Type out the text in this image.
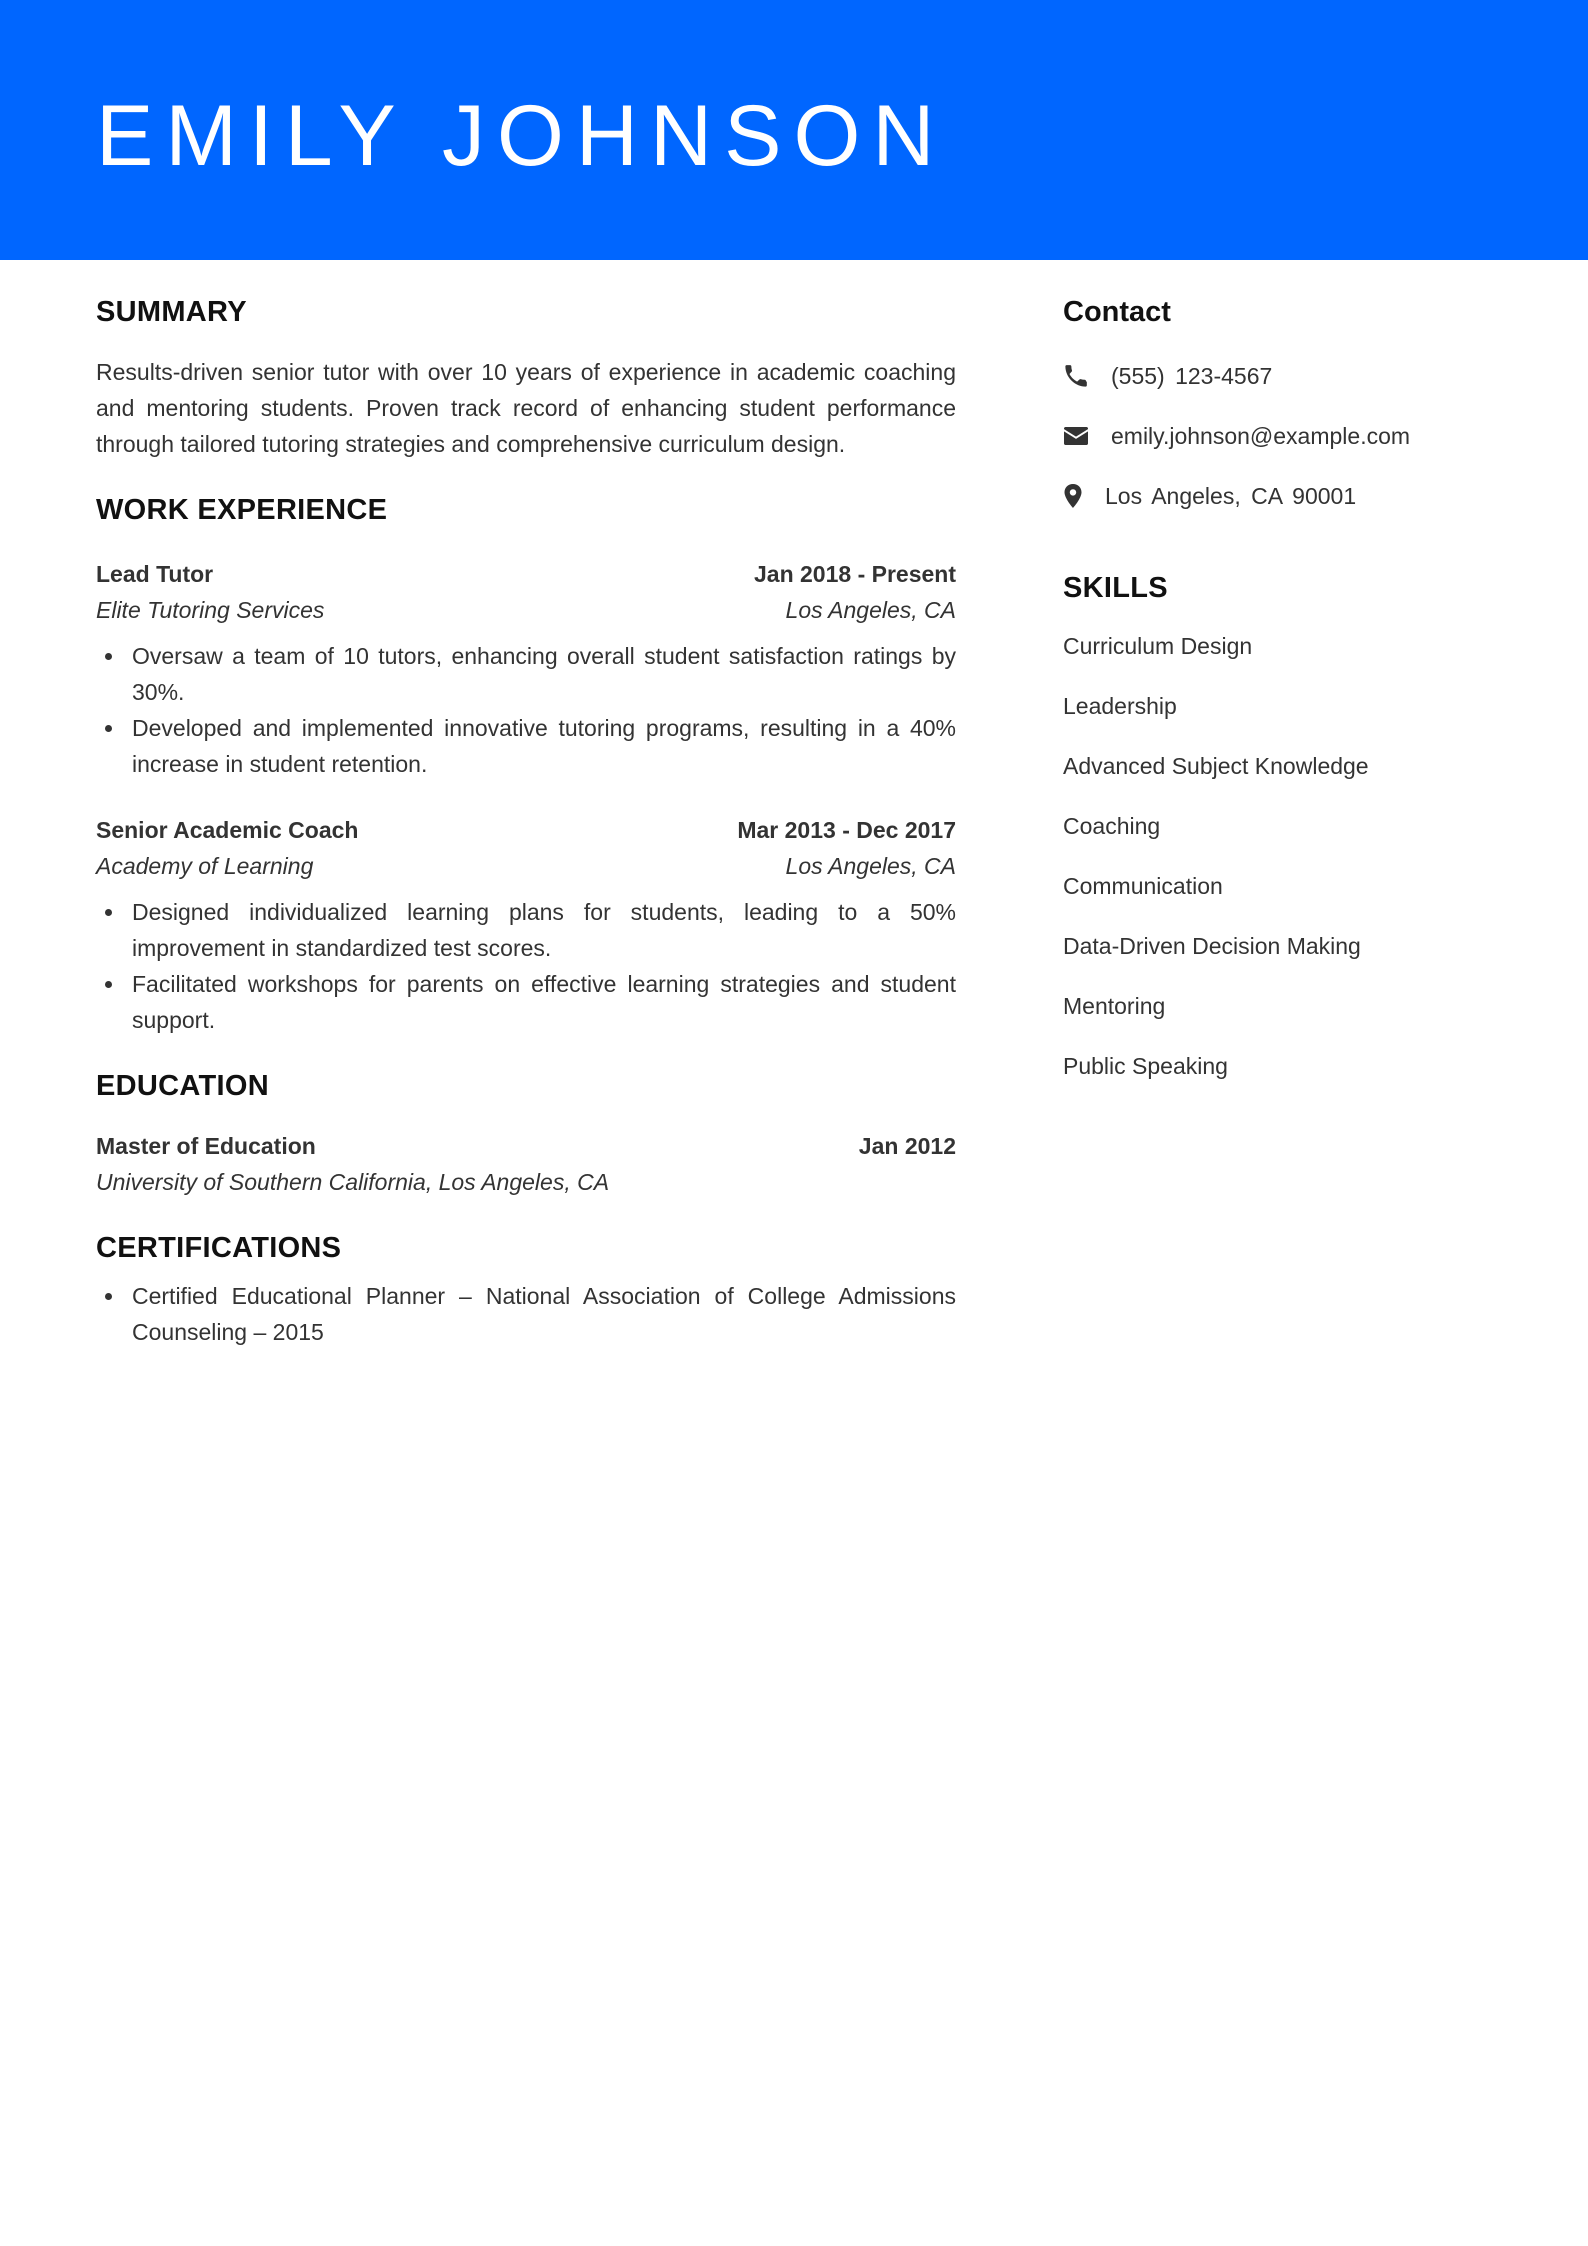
EMILY JOHNSON
SUMMARY

Results-driven senior tutor with over 10 years of experience in academic coaching and mentoring students. Proven track record of enhancing student performance through tailored tutoring strategies and comprehensive curriculum design.

WORK EXPERIENCE
Lead Tutor	Jan 2018 - Present
Elite Tutoring Services	Los Angeles, CA
Oversaw a team of 10 tutors, enhancing overall student satisfaction ratings by 30%.
Developed and implemented innovative tutoring programs, resulting in a 40% increase in student retention.
Senior Academic Coach	Mar 2013 - Dec 2017
Academy of Learning	Los Angeles, CA
Designed individualized learning plans for students, leading to a 50% improvement in standardized test scores.
Facilitated workshops for parents on effective learning strategies and student support.
EDUCATION
Master of Education	Jan 2012
University of Southern California, Los Angeles, CA
CERTIFICATIONS
Certified Educational Planner – National Association of College Admissions Counseling – 2015
Contact
(555) 123-4567
emily.johnson@example.com
Los Angeles, CA 90001
SKILLS
Curriculum Design
Leadership
Advanced Subject Knowledge
Coaching
Communication
Data-Driven Decision Making
Mentoring
Public Speaking
